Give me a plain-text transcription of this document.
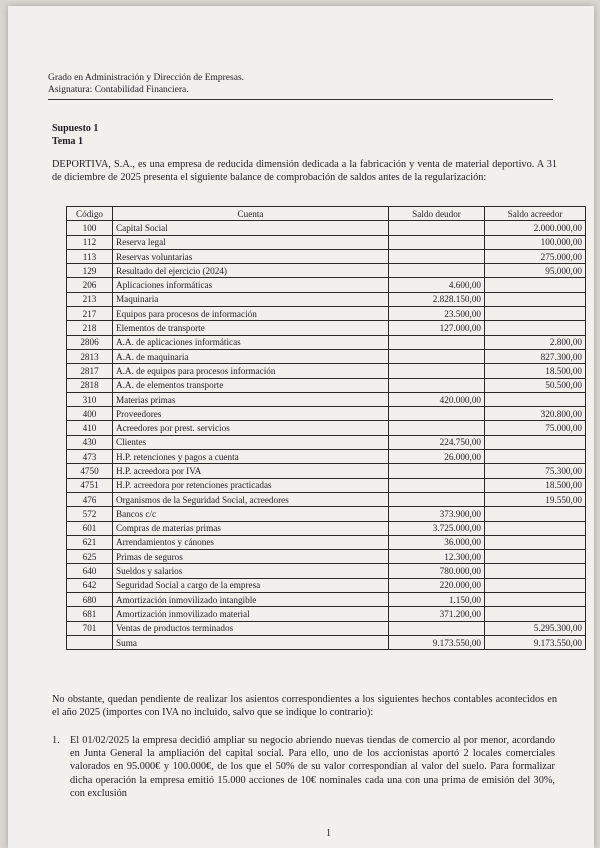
Grado en Administración y Dirección de Empresas.
Asignatura: Contabilidad Financiera.
Supuesto 1
Tema 1
DEPORTIVA, S.A., es una empresa de reducida dimensión dedicada a la fabricación y venta de material deportivo. A 31 de diciembre de 2025 presenta el siguiente balance de comprobación de saldos antes de la regularización:
Código	Cuenta	Saldo deudor	Saldo acreedor
100	Capital Social		2.000.000,00
112	Reserva legal		100.000,00
113	Reservas voluntarias		275.000,00
129	Resultado del ejercicio (2024)		95.000,00
206	Aplicaciones informáticas	4.600,00	
213	Maquinaria	2.828.150,00	
217	Equipos para procesos de información	23.500,00	
218	Elementos de transporte	127.000,00	
2806	A.A. de aplicaciones informáticas		2.800,00
2813	A.A. de maquinaria		827.300,00
2817	A.A. de equipos para procesos información		18.500,00
2818	A.A. de elementos transporte		50.500,00
310	Materias primas	420.000,00	
400	Proveedores		320.800,00
410	Acreedores por prest. servicios		75.000,00
430	Clientes	224.750,00	
473	H.P. retenciones y pagos a cuenta	26.000,00	
4750	H.P. acreedora por IVA		75.300,00
4751	H.P. acreedora por retenciones practicadas		18.500,00
476	Organismos de la Seguridad Social, acreedores		19.550,00
572	Bancos c/c	373.900,00	
601	Compras de materias primas	3.725.000,00	
621	Arrendamientos y cánones	36.000,00	
625	Primas de seguros	12.300,00	
640	Sueldos y salarios	780.000,00	
642	Seguridad Social a cargo de la empresa	220.000,00	
680	Amortización inmovilizado intangible	1.150,00	
681	Amortización inmovilizado material	371.200,00	
701	Ventas de productos terminados		5.295.300,00
	Suma	9.173.550,00	9.173.550,00
No obstante, quedan pendiente de realizar los asientos correspondientes a los siguientes hechos contables acontecidos en el año 2025 (importes con IVA no incluido, salvo que se indique lo contrario):
1. El 01/02/2025 la empresa decidió ampliar su negocio abriendo nuevas tiendas de comercio al por menor, acordando en Junta General la ampliación del capital social. Para ello, uno de los accionistas aportó 2 locales comerciales valorados en 95.000€ y 100.000€, de los que el 50% de su valor correspondían al valor del suelo. Para formalizar dicha operación la empresa emitió 15.000 acciones de 10€ nominales cada una con una prima de emisión del 30%, con exclusión
1
